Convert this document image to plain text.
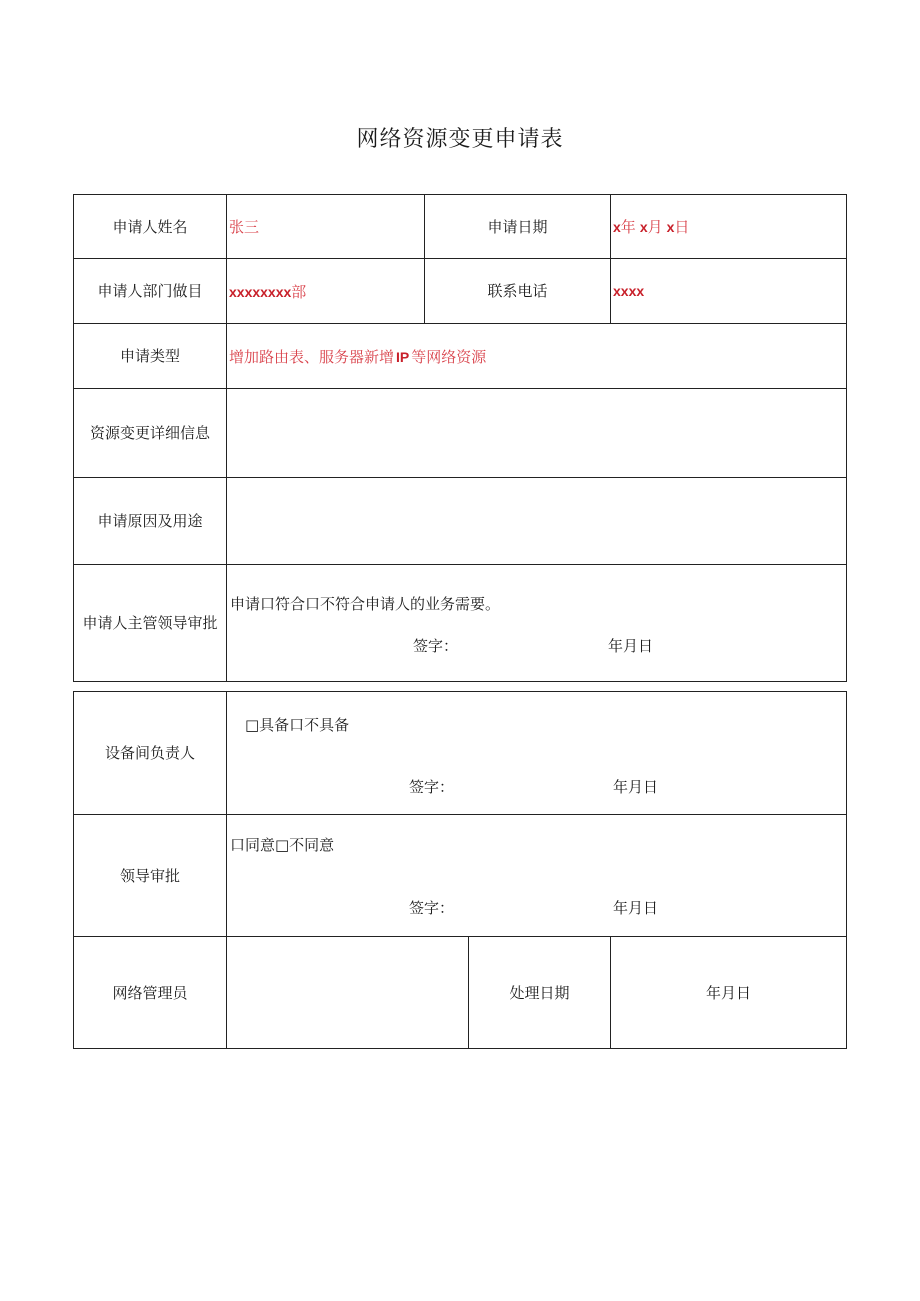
网络资源变更申请表
申请人姓名	张三	申请日期	x年 x月 x日
申请人部门做目	xxxxxxxx部	联系电话	xxxx
申请类型	增加路由表、服务器新增 IP 等网络资源		
资源变更详细信息			
申请原因及用途			
申请人主管领导审批	申请口符合口不符合申请人的业务需要。
签字： 年月日		
设备间负责人	□具备口不具备
签字： 年月日		

领导审批	口同意□不同意
签字： 年月日		

网络管理员		处理日期	年月日
